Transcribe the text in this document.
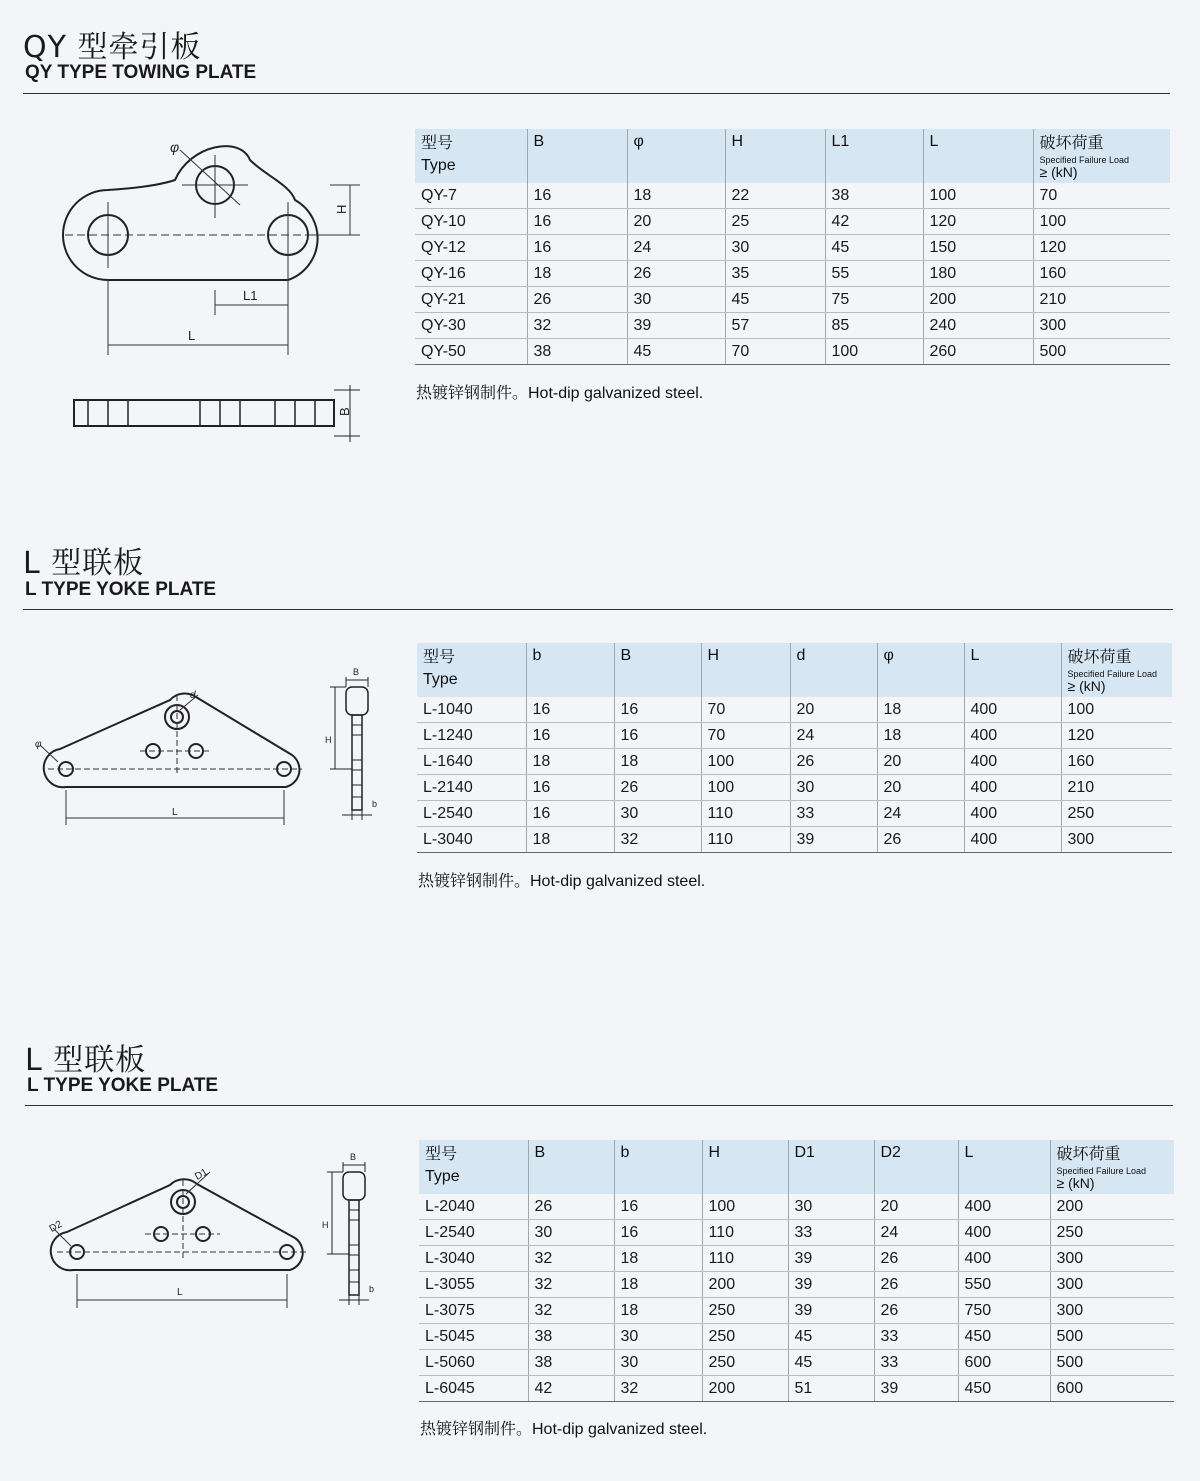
QY 型牵引板
QY TYPE TOWING PLATE
φ
H
L1
L
B
型号
Type	B	φ	H	L1	L	破坏荷重
Specified Failure Load
≥ (kN)

QY-7	16	18	22	38	100	70
QY-10	16	20	25	42	120	100
QY-12	16	24	30	45	150	120
QY-16	18	26	35	55	180	160
QY-21	26	30	45	75	200	210
QY-30	32	39	57	85	240	300
QY-50	38	45	70	100	260	500
热镀锌钢制件。Hot-dip galvanized steel.
L 型联板
L TYPE YOKE PLATE
d
φ
L
B
H
b
型号
Type	b	B	H	d	φ	L	破坏荷重
Specified Failure Load
≥ (kN)

L-1040	16	16	70	20	18	400	100
L-1240	16	16	70	24	18	400	120
L-1640	18	18	100	26	20	400	160
L-2140	16	26	100	30	20	400	210
L-2540	16	30	110	33	24	400	250
L-3040	18	32	110	39	26	400	300
热镀锌钢制件。Hot-dip galvanized steel.
L 型联板
L TYPE YOKE PLATE
D1
D2
L
B
H
b
型号
Type	B	b	H	D1	D2	L	破坏荷重
Specified Failure Load
≥ (kN)

L-2040	26	16	100	30	20	400	200
L-2540	30	16	110	33	24	400	250
L-3040	32	18	110	39	26	400	300
L-3055	32	18	200	39	26	550	300
L-3075	32	18	250	39	26	750	300
L-5045	38	30	250	45	33	450	500
L-5060	38	30	250	45	33	600	500
L-6045	42	32	200	51	39	450	600
热镀锌钢制件。Hot-dip galvanized steel.
